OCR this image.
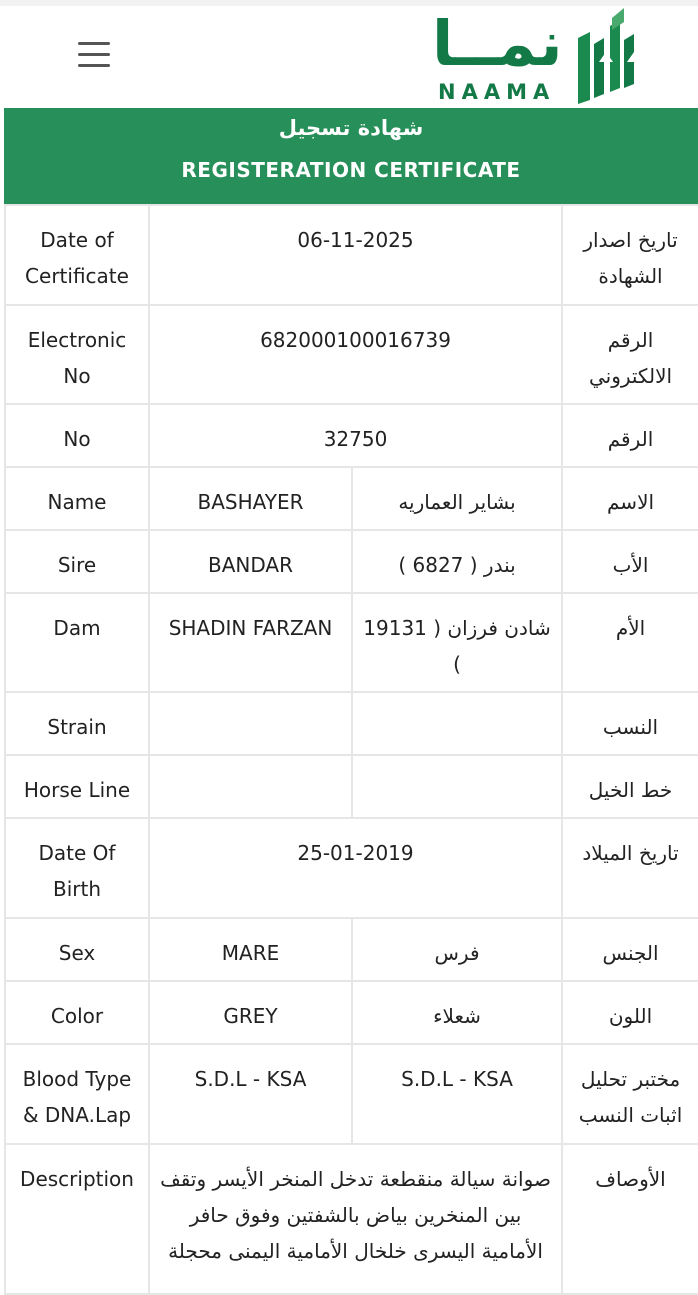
نمــا
NAAMA
شهادة تسجيل
REGISTERATION CERTIFICATE
Date of Certificate	06-11-2025		تاريخ اصدار الشهادة
Electronic No	682000100016739		الرقم الالكتروني
No	32750		الرقم
Name	BASHAYER	بشاير العماريه	الاسم
Sire	BANDAR	بندر ( 6827 )	الأب
Dam	SHADIN FARZAN	شادن فرزان ( 19131 )	الأم
Strain			النسب
Horse Line			خط الخيل
Date Of Birth	25-01-2019		تاريخ الميلاد
Sex	MARE	فرس	الجنس
Color	GREY	شعلاء	اللون
Blood Type & DNA.Lap	S.D.L - KSA	S.D.L - KSA	مختبر تحليل اثبات النسب
Description	صوانة سيالة منقطعة تدخل المنخر الأيسر وتقف بين المنخرين بياض بالشفتين وفوق حافر الأمامية اليسرى خلخال الأمامية اليمنى محجلة		الأوصاف
